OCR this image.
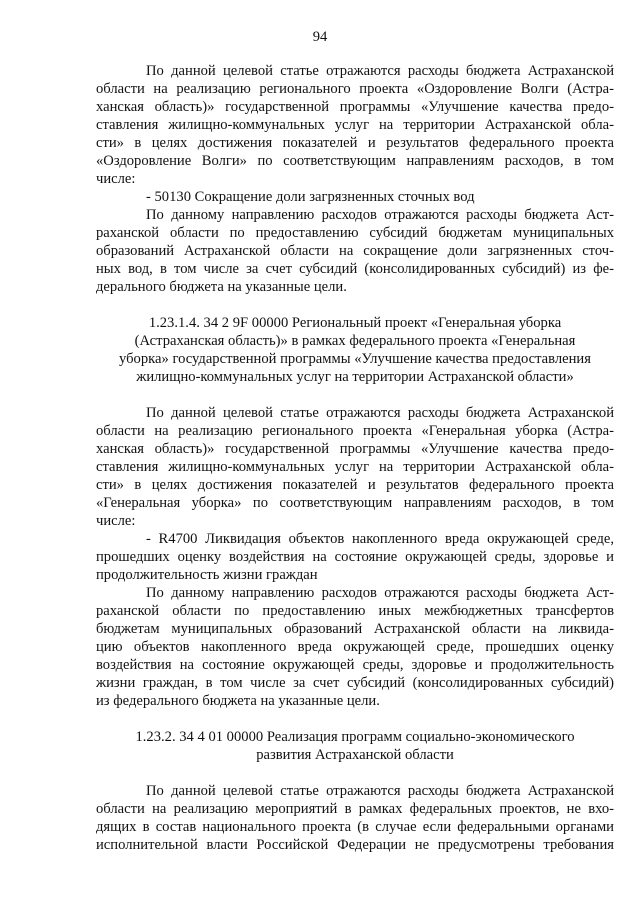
94
По данной целевой статье отражаются расходы бюджета Астраханской
области на реализацию регионального проекта «Оздоровление Волги (Астра-
ханская область)» государственной программы «Улучшение качества предо-
ставления жилищно-коммунальных услуг на территории Астраханской обла-
сти» в целях достижения показателей и результатов федерального проекта
«Оздоровление Волги» по соответствующим направлениям расходов, в том
числе:
- 50130 Сокращение доли загрязненных сточных вод
По данному направлению расходов отражаются расходы бюджета Аст-
раханской области по предоставлению субсидий бюджетам муниципальных
образований Астраханской области на сокращение доли загрязненных сточ-
ных вод, в том числе за счет субсидий (консолидированных субсидий) из фе-
дерального бюджета на указанные цели.
1.23.1.4. 34 2 9F 00000 Региональный проект «Генеральная уборка
(Астраханская область)» в рамках федерального проекта «Генеральная
уборка» государственной программы «Улучшение качества предоставления
жилищно-коммунальных услуг на территории Астраханской области»
По данной целевой статье отражаются расходы бюджета Астраханской
области на реализацию регионального проекта «Генеральная уборка (Астра-
ханская область)» государственной программы «Улучшение качества предо-
ставления жилищно-коммунальных услуг на территории Астраханской обла-
сти» в целях достижения показателей и результатов федерального проекта
«Генеральная уборка» по соответствующим направлениям расходов, в том
числе:
- R4700 Ликвидация объектов накопленного вреда окружающей среде,
прошедших оценку воздействия на состояние окружающей среды, здоровье и
продолжительность жизни граждан
По данному направлению расходов отражаются расходы бюджета Аст-
раханской области по предоставлению иных межбюджетных трансфертов
бюджетам муниципальных образований Астраханской области на ликвида-
цию объектов накопленного вреда окружающей среде, прошедших оценку
воздействия на состояние окружающей среды, здоровье и продолжительность
жизни граждан, в том числе за счет субсидий (консолидированных субсидий)
из федерального бюджета на указанные цели.
1.23.2. 34 4 01 00000 Реализация программ социально-экономического
развития Астраханской области
По данной целевой статье отражаются расходы бюджета Астраханской
области на реализацию мероприятий в рамках федеральных проектов, не вхо-
дящих в состав национального проекта (в случае если федеральными органами
исполнительной власти Российской Федерации не предусмотрены требования
